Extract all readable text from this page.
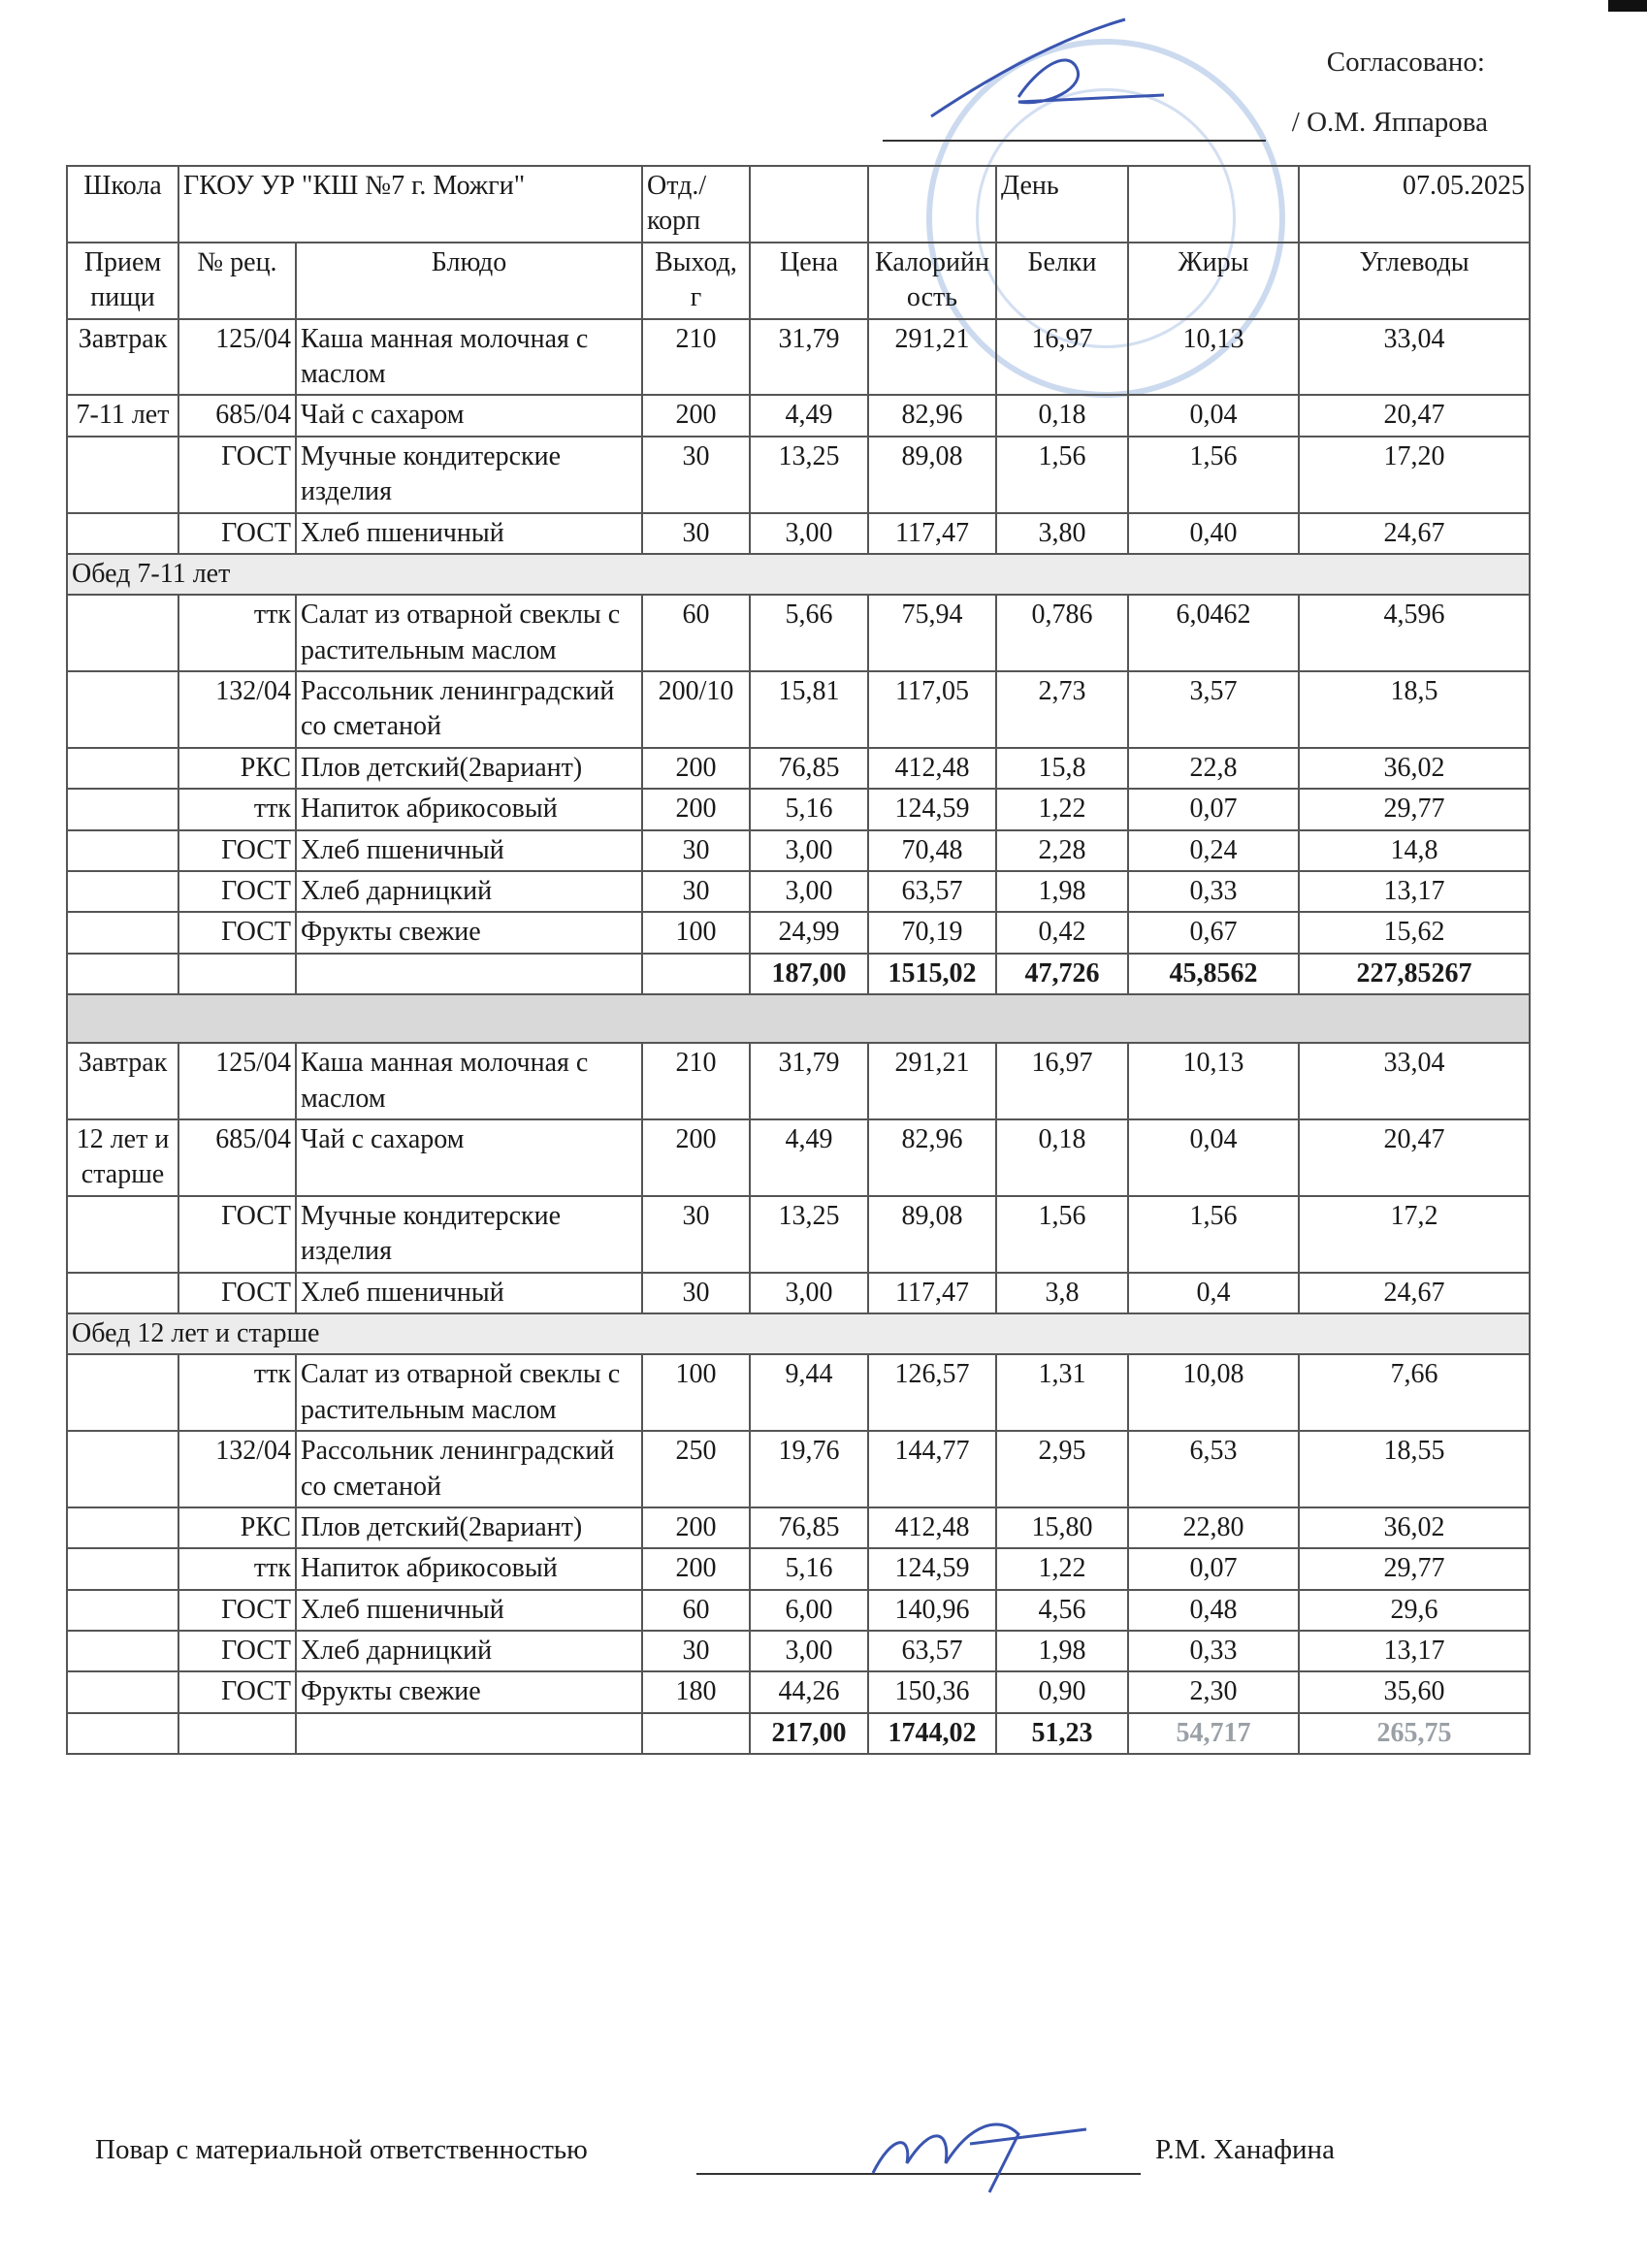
Согласовано:
/ О.М. Яппарова
Школа	ГКОУ УР "КШ №7 г. Можги"		Отд./корп			День		07.05.2025
Прием пищи	№ рец.	Блюдо	Выход, г	Цена	Калорийность	Белки	Жиры	Углеводы
Завтрак	125/04	Каша манная молочная с маслом	210	31,79	291,21	16,97	10,13	33,04
7-11 лет	685/04	Чай с сахаром	200	4,49	82,96	0,18	0,04	20,47
	ГОСТ	Мучные кондитерские изделия	30	13,25	89,08	1,56	1,56	17,20
	ГОСТ	Хлеб пшеничный	30	3,00	117,47	3,80	0,40	24,67
Обед 7-11 лет								
	ттк	Салат из отварной свеклы с растительным маслом	60	5,66	75,94	0,786	6,0462	4,596
	132/04	Рассольник ленинградский со сметаной	200/10	15,81	117,05	2,73	3,57	18,5
	РКС	Плов детский(2вариант)	200	76,85	412,48	15,8	22,8	36,02
	ттк	Напиток абрикосовый	200	5,16	124,59	1,22	0,07	29,77
	ГОСТ	Хлеб пшеничный	30	3,00	70,48	2,28	0,24	14,8
	ГОСТ	Хлеб дарницкий	30	3,00	63,57	1,98	0,33	13,17
	ГОСТ	Фрукты свежие	100	24,99	70,19	0,42	0,67	15,62
				187,00	1515,02	47,726	45,8562	227,85267

Завтрак	125/04	Каша манная молочная с маслом	210	31,79	291,21	16,97	10,13	33,04
12 лет и старше	685/04	Чай с сахаром	200	4,49	82,96	0,18	0,04	20,47
	ГОСТ	Мучные кондитерские изделия	30	13,25	89,08	1,56	1,56	17,2
	ГОСТ	Хлеб пшеничный	30	3,00	117,47	3,8	0,4	24,67
Обед 12 лет и старше								
	ттк	Салат из отварной свеклы с растительным маслом	100	9,44	126,57	1,31	10,08	7,66
	132/04	Рассольник ленинградский со сметаной	250	19,76	144,77	2,95	6,53	18,55
	РКС	Плов детский(2вариант)	200	76,85	412,48	15,80	22,80	36,02
	ттк	Напиток абрикосовый	200	5,16	124,59	1,22	0,07	29,77
	ГОСТ	Хлеб пшеничный	60	6,00	140,96	4,56	0,48	29,6
	ГОСТ	Хлеб дарницкий	30	3,00	63,57	1,98	0,33	13,17
	ГОСТ	Фрукты свежие	180	44,26	150,36	0,90	2,30	35,60
				217,00	1744,02	51,23	54,717	265,75
Повар с материальной ответственностью	Р.М. Ханафина
